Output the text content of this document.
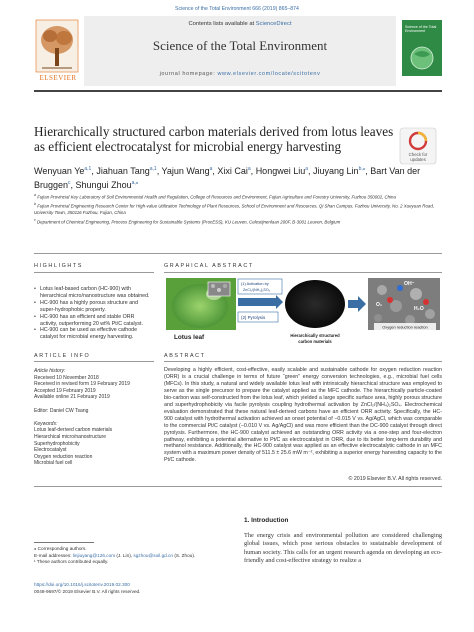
Science of the Total Environment 666 (2019) 865–874
ELSEVIER
Contents lists available at ScienceDirect
Science of the Total Environment
journal homepage: www.elsevier.com/locate/scitotenv
Science of the Total Environment
Hierarchically structured carbon materials derived from lotus leaves as efficient electrocatalyst for microbial energy harvesting
Check for
updates
Wenyuan Ye$^{a,1}$, Jiahuan Tang$^{a,1}$, Yajun Wang$^a$, Xixi Cai$^a$, Hongwei Liu$^a$, Jiuyang Lin$^{b,⁎}$, Bart Van der Bruggen$^c$, Shungui Zhou$^{a,⁎}$
$^a$ Fujian Provincial Key Laboratory of Soil Environmental Health and Regulation, College of Resources and Environment, Fujian Agriculture and Forestry University, Fuzhou 350002, China
$^b$ Fujian Provincial Engineering Research Center for High-value Utilization Technology of Plant Resources, School of Environment and Resources, Qi Shan Campus, Fuzhou University, No. 2 Xueyuan Road, University Town, 350116 Fuzhou, Fujian, China
$^c$ Department of Chemical Engineering, Process Engineering for Sustainable Systems (ProcESS), KU Leuven, Celestijnenlaan 200F, B-3001 Leuven, Belgium
HIGHLIGHTS
• Lotus leaf-based carbon (HC-900) with hierarchical micro/nanostructure was obtained.
• HC-900 has a highly porous structure and super-hydrophobic property.
• HC-900 has an efficient and stable ORR activity, outperforming 20 wt% Pt/C catalyst.
• HC-900 can be used as effective cathode catalyst for microbial energy harvesting.
GRAPHICAL ABSTRACT
Lotus leaf
(1) Activation by
ZnCl₂/(NH₄)₂SO₄
(2) Pyrolysis
Hierarchically structured
carbon materials
OH⁻
O₂
H₂O
Oxygen reduction reaction
ARTICLE INFO	ABSTRACT
Article history:
Received 10 November 2018
Received in revised form 19 February 2019
Accepted 19 February 2019
Available online 21 February 2019
Editor: Daniel CW Tsang
Keywords:
Lotus leaf-derived carbon materials
Hierarchical micro/nanostructure
Superhydrophobicity
Electrocatalyst
Oxygen reduction reaction
Microbial fuel cell
Developing a highly efficient, cost-effective, easily scalable and sustainable cathode for oxygen reduction reaction (ORR) is a crucial challenge in terms of future “green” energy conversion technologies, e.g., microbial fuel cells (MFCs). In this study, a natural and widely available lotus leaf with intrinsically hierarchical structure was employed to serve as the single precursor to prepare the catalyst applied as the MFC cathode. The hierarchically particle-coated bio-carbon was self-constructed from the lotus leaf, which yielded a large specific surface area, highly porous structure and superhydrophobicity via facile pyrolysis coupling hydrothermal activation by ZnCl₂/(NH₄)₂SO₄. Electrochemical evaluation demonstrated that these natural leaf-derived carbons have an efficient ORR activity. Specifically, the HC-900 catalyst with hydrothermal activation achieved an onset potential of −0.015 V vs. Ag/AgCl, which was comparable to the commercial Pt/C catalyst (−0.010 V vs. Ag/AgCl) and was more efficient than the DC-900 catalyst through direct pyrolysis. Furthermore, the HC-900 catalyst achieved an outstanding ORR activity via a one-step and four-electron pathway, exhibiting a potential alternative to Pt/C as electrocatalyst in ORR, due to its better long-term durability and methanol resistance. Additionally, the HC-900 catalyst was applied as an effective electrocatalytic cathode in an MFC system with a maximum power density of 511.5 ± 25.6 mW m⁻², exhibiting a superior energy harvesting capacity to the Pt/C cathode.
© 2019 Elsevier B.V. All rights reserved.
1. Introduction
The energy crisis and environmental pollution are considered challenging global issues, which pose serious obstacles to sustainable development of human society. This calls for an urgent research agenda on developing an eco-friendly and cost-effective strategy to realize a
⁎ Corresponding authors.
E-mail addresses: linjiuyang@126.com (J. Lin), sgzhou@soil.gd.cn (S. Zhou).
¹ These authors contributed equally.
https://doi.org/10.1016/j.scitotenv.2019.02.300
0048-9697/© 2019 Elsevier B.V. All rights reserved.
